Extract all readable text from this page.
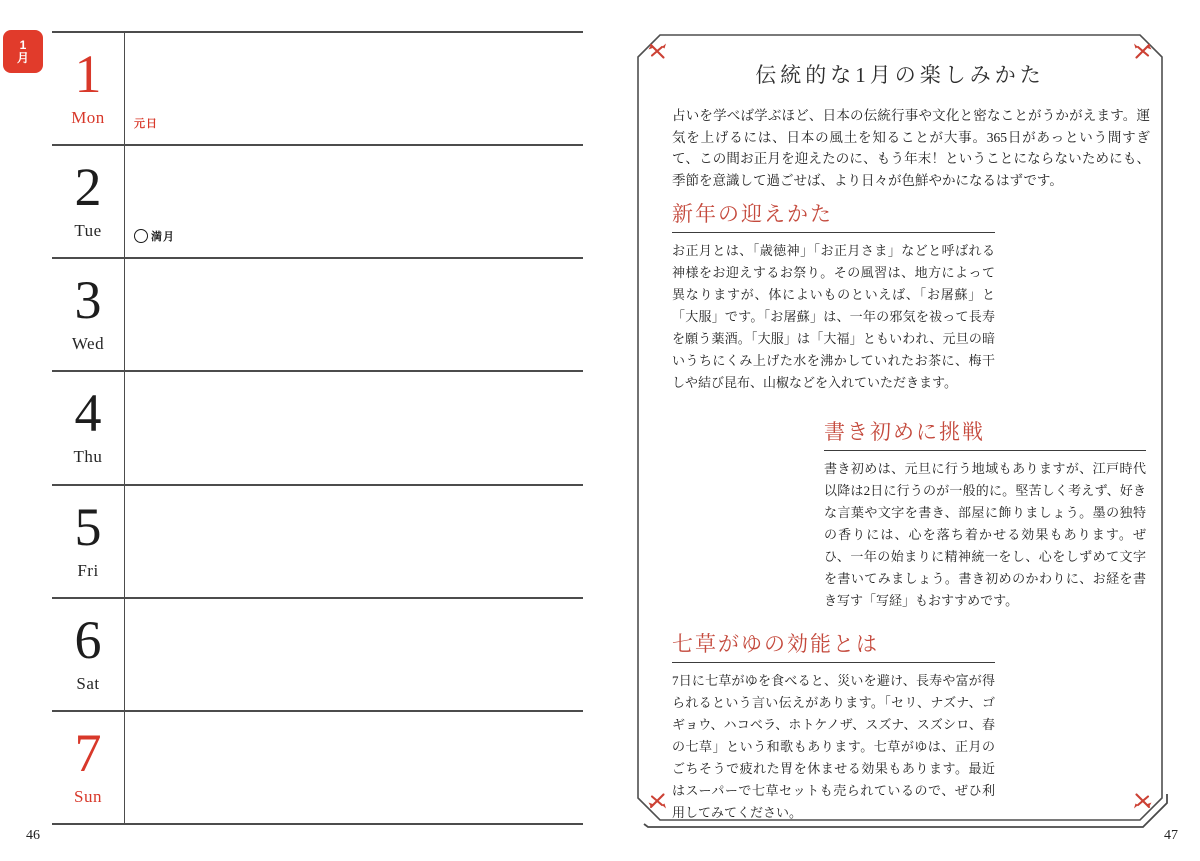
1
月 1
Mon	元日
2
Tue	満月
3
Wed
4
Thu
5
Fri
6
Sat
7
Sun
46
伝統的な1月の楽しみかた

占いを学べば学ぶほど、日本の伝統行事や文化と密なことがうかがえます。運気を上げるには、日本の風土を知ることが大事。365日があっという間すぎて、この間お正月を迎えたのに、もう年末！ということにならないためにも、季節を意識して過ごせば、より日々が色鮮やかになるはずです。

新年の迎えかた

お正月とは、「歳徳神」「お正月さま」などと呼ばれる神様をお迎えするお祭り。その風習は、地方によって異なりますが、体によいものといえば、「お屠蘇」と「大服」です。「お屠蘇」は、一年の邪気を祓って長寿を願う薬酒。「大服」は「大福」ともいわれ、元旦の暗いうちにくみ上げた水を沸かしていれたお茶に、梅干しや結び昆布、山椒などを入れていただきます。

書き初めに挑戦

書き初めは、元旦に行う地域もありますが、江戸時代以降は2日に行うのが一般的に。堅苦しく考えず、好きな言葉や文字を書き、部屋に飾りましょう。墨の独特の香りには、心を落ち着かせる効果もあります。ぜひ、一年の始まりに精神統一をし、心をしずめて文字を書いてみましょう。書き初めのかわりに、お経を書き写す「写経」もおすすめです。

七草がゆの効能とは

7日に七草がゆを食べると、災いを避け、長寿や富が得られるという言い伝えがあります。「セリ、ナズナ、ゴギョウ、ハコベラ、ホトケノザ、スズナ、スズシロ、春の七草」という和歌もあります。七草がゆは、正月のごちそうで疲れた胃を休ませる効果もあります。最近はスーパーで七草セットも売られているので、ぜひ利用してみてください。

47
